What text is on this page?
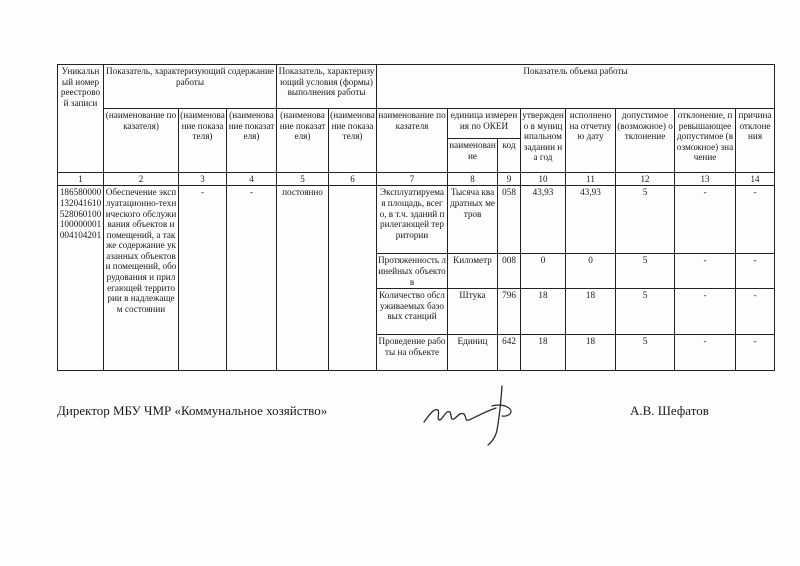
Уникальный номер реестровой записи	Показатель, характеризующий содержание работы			Показатель, характеризующий условия (формы) выполнения работы		Показатель объема работы							
	(наименование показателя)	(наименование показателя)	(наименование показателя)	(наименование показателя)	(наименование показателя)	наименование показателя	единица измерения по ОКЕИ		утверждено в муниципальном задании на год	исполнено на отчетную дату	допустимое (возможное) отклонение	отклонение, превышающее допустимое (возможное) значение	причина отклонения
							наименование	код					
1	2	3	4	5	6	7	8	9	10	11	12	13	14
186580000132041610528060100100000001004104201	Обеспечение эксплуатационно-технического обслуживания объектов и помещений, а также содержание указанных объектов и помещений, оборудования и прилегающей территории в надлежащем состоянии	-	-	постоянно		Эксплуатируемая площадь, всего, в т.ч. зданий прилегающей территории	Тысяча квадратных метров	058	43,93	43,93	5	-	-
						Протяженность линейных объектов	Километр	008	0	0	5	-	-
						Количество обслуживаемых базовых станций	Штука	796	18	18	5	-	-
						Проведение работы на объекте	Единиц	642	18	18	5	-	-
Директор МБУ ЧМР «Коммунальное хозяйство»	А.В. Шефатов
